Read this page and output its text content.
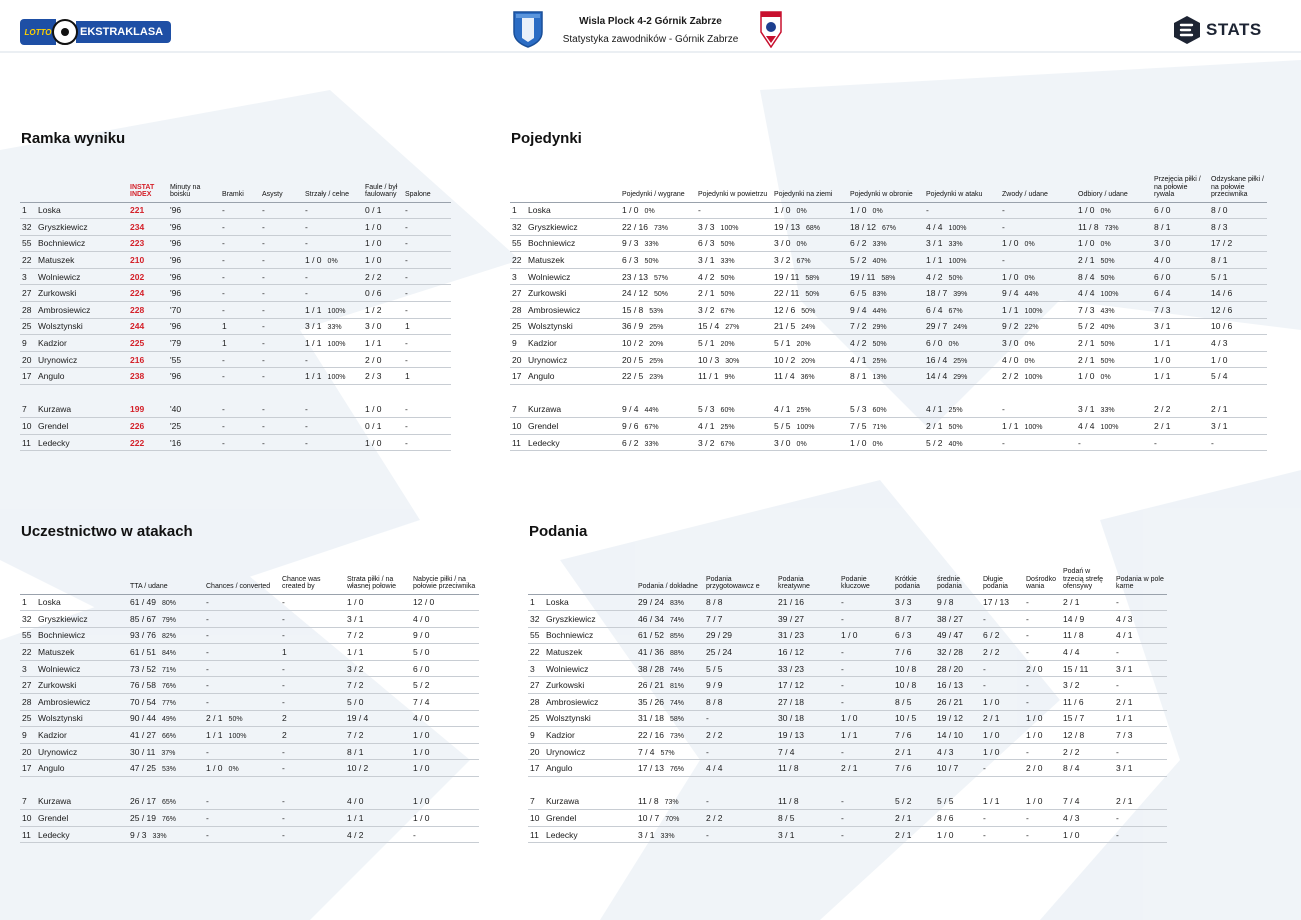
LOTTO	EKSTRAKLASA
Wisla Plock 4-2 Górnik Zabrze
Statystyka zawodników - Górnik Zabrze
STATS
Ramka wyniku
	INSTAT INDEX	Minuty na boisku	Bramki	Asysty	Strzały / celne	Faule / był faulowany	Spalone
1 Loska	221	'96	-	-	-	0 / 1	-
32 Gryszkiewicz	234	'96	-	-	-	1 / 0	-
55 Bochniewicz	223	'96	-	-	-	1 / 0	-
22 Matuszek	210	'96	-	-	1 / 0 0%	1 / 0	-
3 Wolniewicz	202	'96	-	-	-	2 / 2	-
27 Zurkowski	224	'96	-	-	-	0 / 6	-
28 Ambrosiewicz	228	'70	-	-	1 / 1 100%	1 / 2	-
25 Wolsztynski	244	'96	1	-	3 / 1 33%	3 / 0	1
9 Kadzior	225	'79	1	-	1 / 1 100%	1 / 1	-
20 Urynowicz	216	'55	-	-	-	2 / 0	-
17 Angulo	238	'96	-	-	1 / 1 100%	2 / 3	1

7 Kurzawa	199	'40	-	-	-	1 / 0	-
10 Grendel	226	'25	-	-	-	0 / 1	-
11 Ledecky	222	'16	-	-	-	1 / 0	-
Pojedynki
	Pojedynki / wygrane	Pojedynki w powietrzu	Pojedynki na ziemi	Pojedynki w obronie	Pojedynki w ataku	Zwody / udane	Odbiory / udane	Przejęcia piłki / na połowie rywala	Odzyskane piłki / na połowie przeciwnika
1 Loska	1 / 0 0%	-	1 / 0 0%	1 / 0 0%	-	-	1 / 0 0%	6 / 0	8 / 0
32 Gryszkiewicz	22 / 16 73%	3 / 3 100%	19 / 13 68%	18 / 12 67%	4 / 4 100%	-	11 / 8 73%	8 / 1	8 / 3
55 Bochniewicz	9 / 3 33%	6 / 3 50%	3 / 0 0%	6 / 2 33%	3 / 1 33%	1 / 0 0%	1 / 0 0%	3 / 0	17 / 2
22 Matuszek	6 / 3 50%	3 / 1 33%	3 / 2 67%	5 / 2 40%	1 / 1 100%	-	2 / 1 50%	4 / 0	8 / 1
3 Wolniewicz	23 / 13 57%	4 / 2 50%	19 / 11 58%	19 / 11 58%	4 / 2 50%	1 / 0 0%	8 / 4 50%	6 / 0	5 / 1
27 Zurkowski	24 / 12 50%	2 / 1 50%	22 / 11 50%	6 / 5 83%	18 / 7 39%	9 / 4 44%	4 / 4 100%	6 / 4	14 / 6
28 Ambrosiewicz	15 / 8 53%	3 / 2 67%	12 / 6 50%	9 / 4 44%	6 / 4 67%	1 / 1 100%	7 / 3 43%	7 / 3	12 / 6
25 Wolsztynski	36 / 9 25%	15 / 4 27%	21 / 5 24%	7 / 2 29%	29 / 7 24%	9 / 2 22%	5 / 2 40%	3 / 1	10 / 6
9 Kadzior	10 / 2 20%	5 / 1 20%	5 / 1 20%	4 / 2 50%	6 / 0 0%	3 / 0 0%	2 / 1 50%	1 / 1	4 / 3
20 Urynowicz	20 / 5 25%	10 / 3 30%	10 / 2 20%	4 / 1 25%	16 / 4 25%	4 / 0 0%	2 / 1 50%	1 / 0	1 / 0
17 Angulo	22 / 5 23%	11 / 1 9%	11 / 4 36%	8 / 1 13%	14 / 4 29%	2 / 2 100%	1 / 0 0%	1 / 1	5 / 4

7 Kurzawa	9 / 4 44%	5 / 3 60%	4 / 1 25%	5 / 3 60%	4 / 1 25%	-	3 / 1 33%	2 / 2	2 / 1
10 Grendel	9 / 6 67%	4 / 1 25%	5 / 5 100%	7 / 5 71%	2 / 1 50%	1 / 1 100%	4 / 4 100%	2 / 1	3 / 1
11 Ledecky	6 / 2 33%	3 / 2 67%	3 / 0 0%	1 / 0 0%	5 / 2 40%	-	-	-	-
Uczestnictwo w atakach
	TTA / udane	Chances / converted	Chance was created by	Strata piłki / na własnej połowie	Nabycie piłki / na połowie przeciwnika
1 Loska	61 / 49 80%	-	-	1 / 0	12 / 0
32 Gryszkiewicz	85 / 67 79%	-	-	3 / 1	4 / 0
55 Bochniewicz	93 / 76 82%	-	-	7 / 2	9 / 0
22 Matuszek	61 / 51 84%	-	1	1 / 1	5 / 0
3 Wolniewicz	73 / 52 71%	-	-	3 / 2	6 / 0
27 Zurkowski	76 / 58 76%	-	-	7 / 2	5 / 2
28 Ambrosiewicz	70 / 54 77%	-	-	5 / 0	7 / 4
25 Wolsztynski	90 / 44 49%	2 / 1 50%	2	19 / 4	4 / 0
9 Kadzior	41 / 27 66%	1 / 1 100%	2	7 / 2	1 / 0
20 Urynowicz	30 / 11 37%	-	-	8 / 1	1 / 0
17 Angulo	47 / 25 53%	1 / 0 0%	-	10 / 2	1 / 0

7 Kurzawa	26 / 17 65%	-	-	4 / 0	1 / 0
10 Grendel	25 / 19 76%	-	-	1 / 1	1 / 0
11 Ledecky	9 / 3 33%	-	-	4 / 2	-
Podania
	Podania / dokładne	Podania przygotowawcz e	Podania kreatywne	Podanie kluczowe	Krótkie podania	średnie podania	Długie podania	Dośrodko wania	Podań w trzecią strefę ofensywy	Podania w pole karne
1 Loska	29 / 24 83%	8 / 8	21 / 16	-	3 / 3	9 / 8	17 / 13	-	2 / 1	-
32 Gryszkiewicz	46 / 34 74%	7 / 7	39 / 27	-	8 / 7	38 / 27	-	-	14 / 9	4 / 3
55 Bochniewicz	61 / 52 85%	29 / 29	31 / 23	1 / 0	6 / 3	49 / 47	6 / 2	-	11 / 8	4 / 1
22 Matuszek	41 / 36 88%	25 / 24	16 / 12	-	7 / 6	32 / 28	2 / 2	-	4 / 4	-
3 Wolniewicz	38 / 28 74%	5 / 5	33 / 23	-	10 / 8	28 / 20	-	2 / 0	15 / 11	3 / 1
27 Zurkowski	26 / 21 81%	9 / 9	17 / 12	-	10 / 8	16 / 13	-	-	3 / 2	-
28 Ambrosiewicz	35 / 26 74%	8 / 8	27 / 18	-	8 / 5	26 / 21	1 / 0	-	11 / 6	2 / 1
25 Wolsztynski	31 / 18 58%	-	30 / 18	1 / 0	10 / 5	19 / 12	2 / 1	1 / 0	15 / 7	1 / 1
9 Kadzior	22 / 16 73%	2 / 2	19 / 13	1 / 1	7 / 6	14 / 10	1 / 0	1 / 0	12 / 8	7 / 3
20 Urynowicz	7 / 4 57%	-	7 / 4	-	2 / 1	4 / 3	1 / 0	-	2 / 2	-
17 Angulo	17 / 13 76%	4 / 4	11 / 8	2 / 1	7 / 6	10 / 7	-	2 / 0	8 / 4	3 / 1

7 Kurzawa	11 / 8 73%	-	11 / 8	-	5 / 2	5 / 5	1 / 1	1 / 0	7 / 4	2 / 1
10 Grendel	10 / 7 70%	2 / 2	8 / 5	-	2 / 1	8 / 6	-	-	4 / 3	-
11 Ledecky	3 / 1 33%	-	3 / 1	-	2 / 1	1 / 0	-	-	1 / 0	-
